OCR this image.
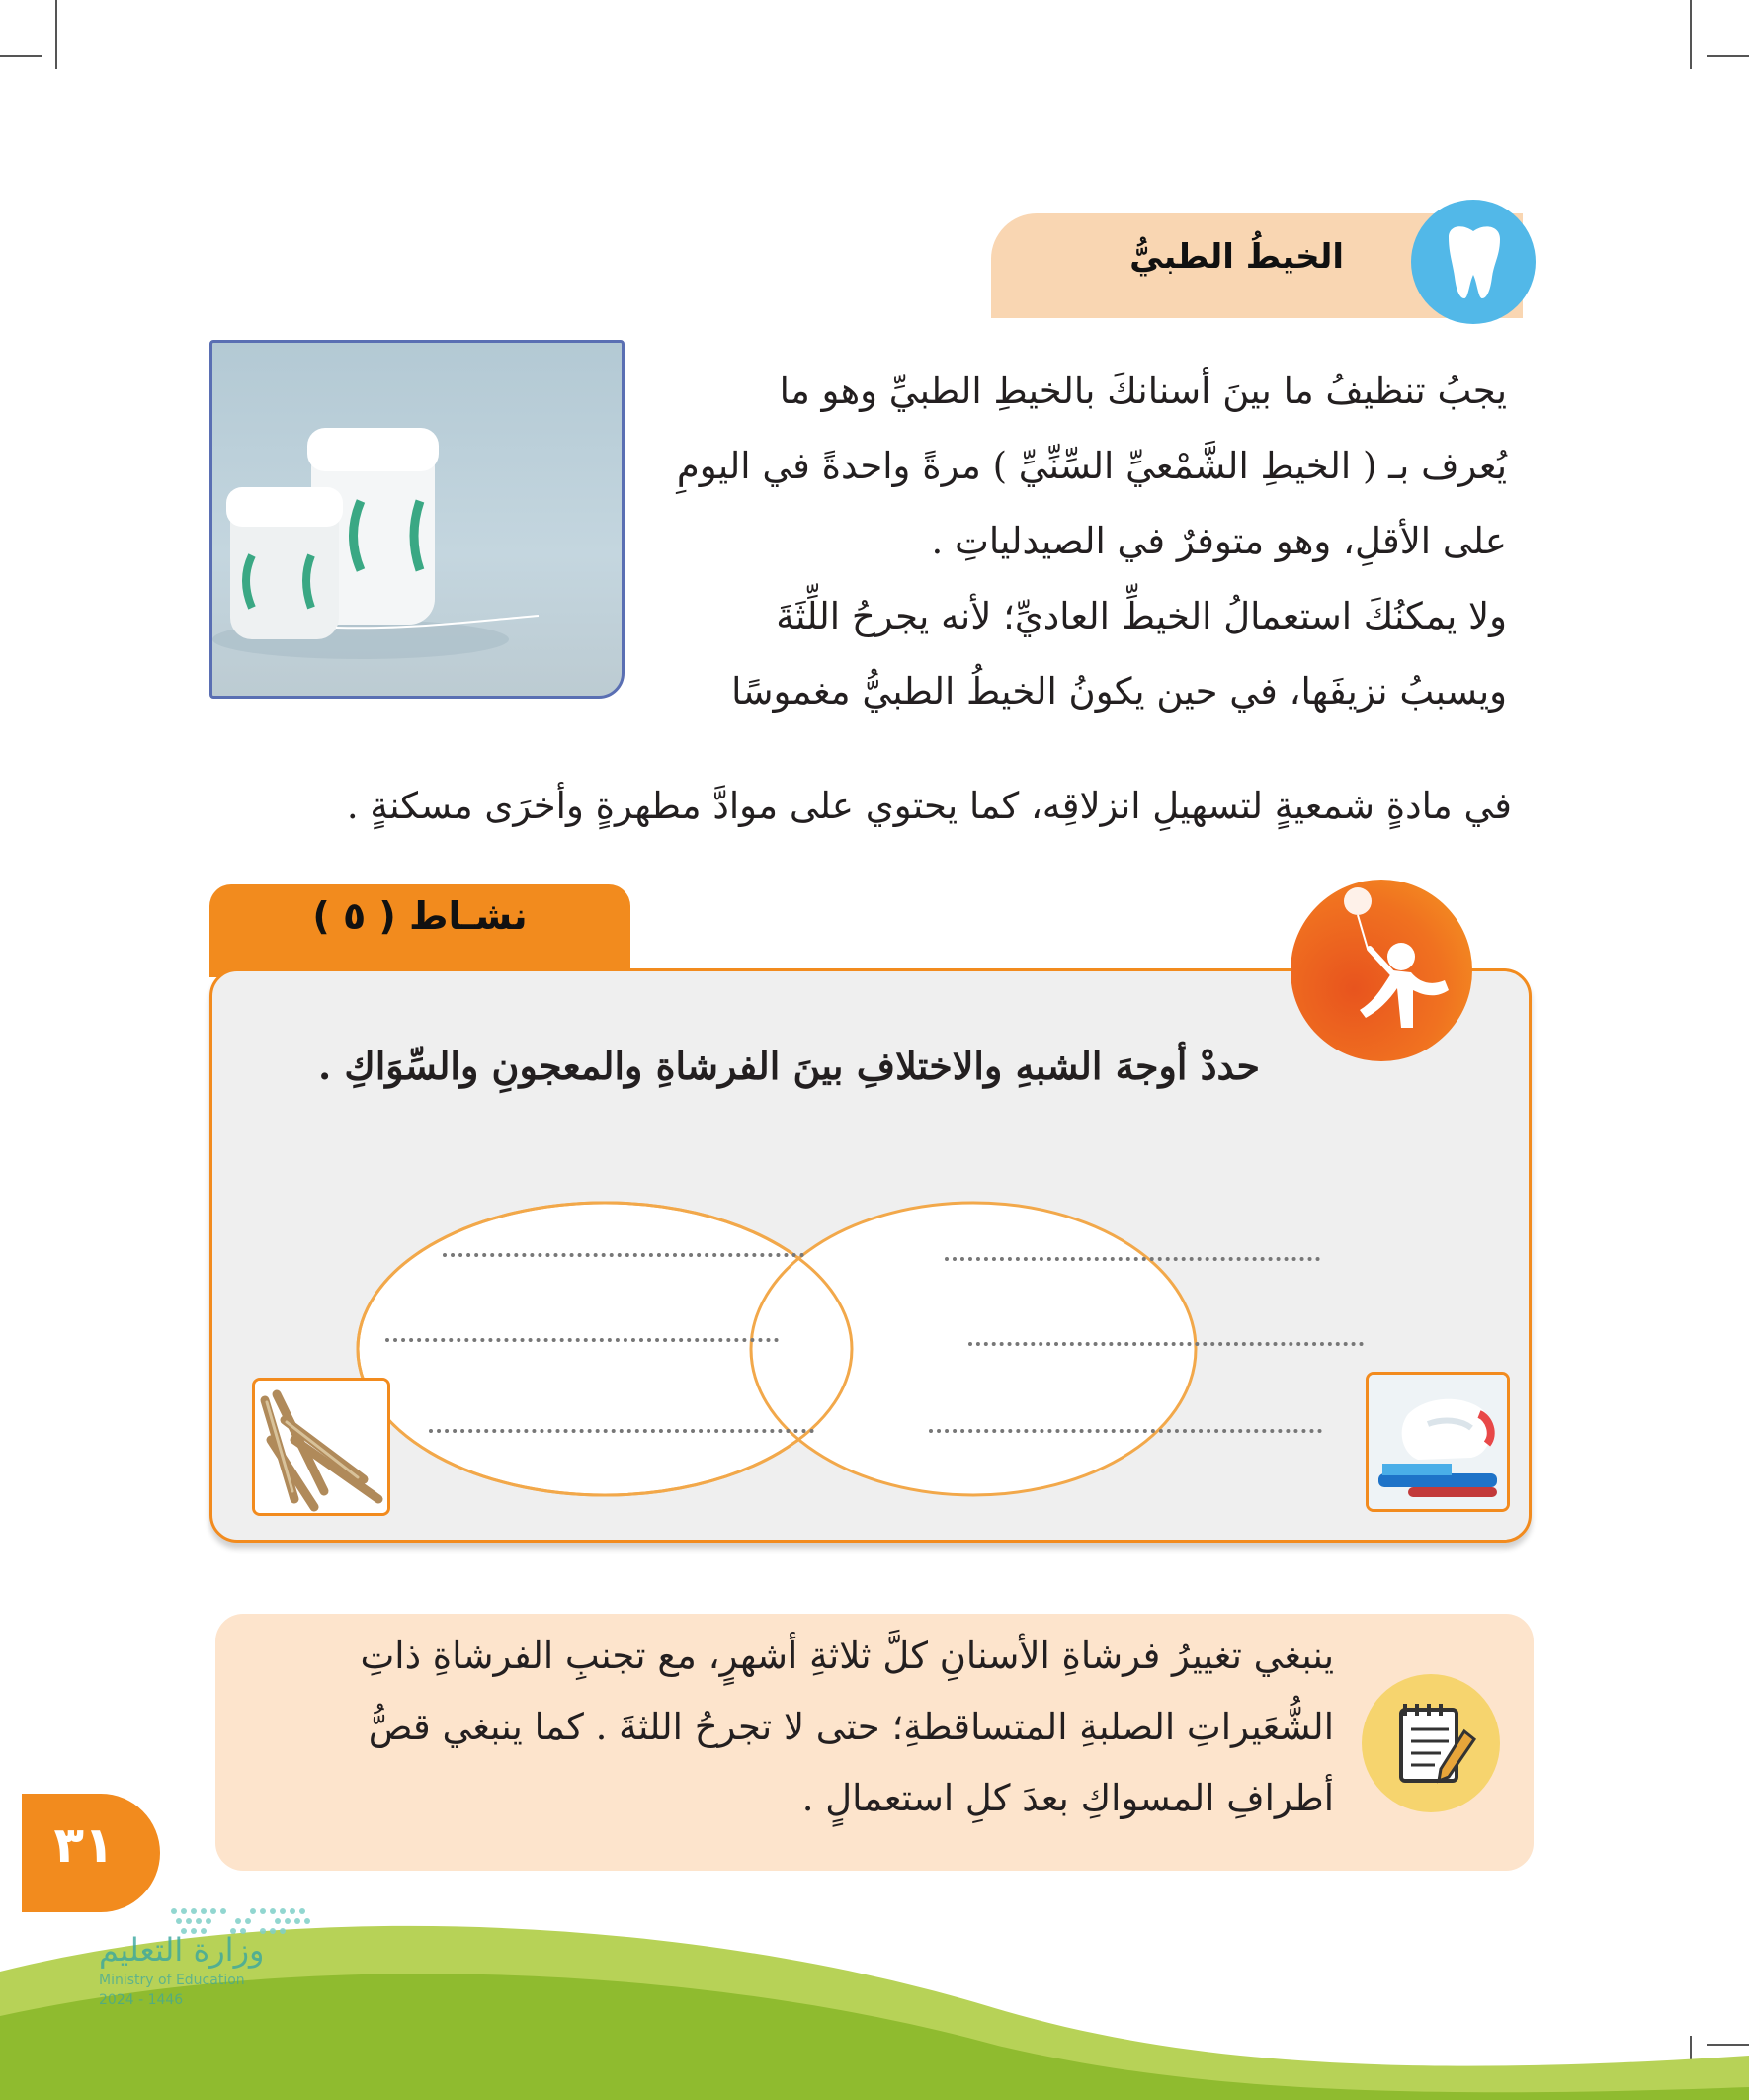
الخيطُ الطبيُّ
يجبُ تنظيفُ ما بينَ أسنانكَ بالخيطِ الطبيِّ وهو ما
يُعرف بـ ( الخيطِ الشَّمْعيِّ السِّنِّيِّ ) مرةً واحدةً في اليومِ
على الأقلِ، وهو متوفرٌ في الصيدلياتِ .
ولا يمكنُكَ استعمالُ الخيطِّ العاديِّ؛ لأنه يجرحُ اللِّثَةَ
ويسببُ نزيفَها، في حين يكونُ الخيطُ الطبيُّ مغموسًا
في مادةٍ شمعيةٍ لتسهيلِ انزلاقِه، كما يحتوي على موادَّ مطهرةٍ وأخرَى مسكنةٍ .
نشـاط ( ٥ )
حددْ أوجهَ الشبهِ والاختلافِ بينَ الفرشاةِ والمعجونِ والسِّوَاكِ .
ينبغي تغييرُ فرشاةِ الأسنانِ كلَّ ثلاثةِ أشهرٍ، مع تجنبِ الفرشاةِ ذاتِ
الشُّعَيراتِ الصلبةِ المتساقطةِ؛ حتى لا تجرحُ اللثةَ . كما ينبغي قصُّ
أطرافِ المسواكِ بعدَ كلِ استعمالٍ .
وزارة التعليم
Ministry of Education
2024 - 1446
٣١
